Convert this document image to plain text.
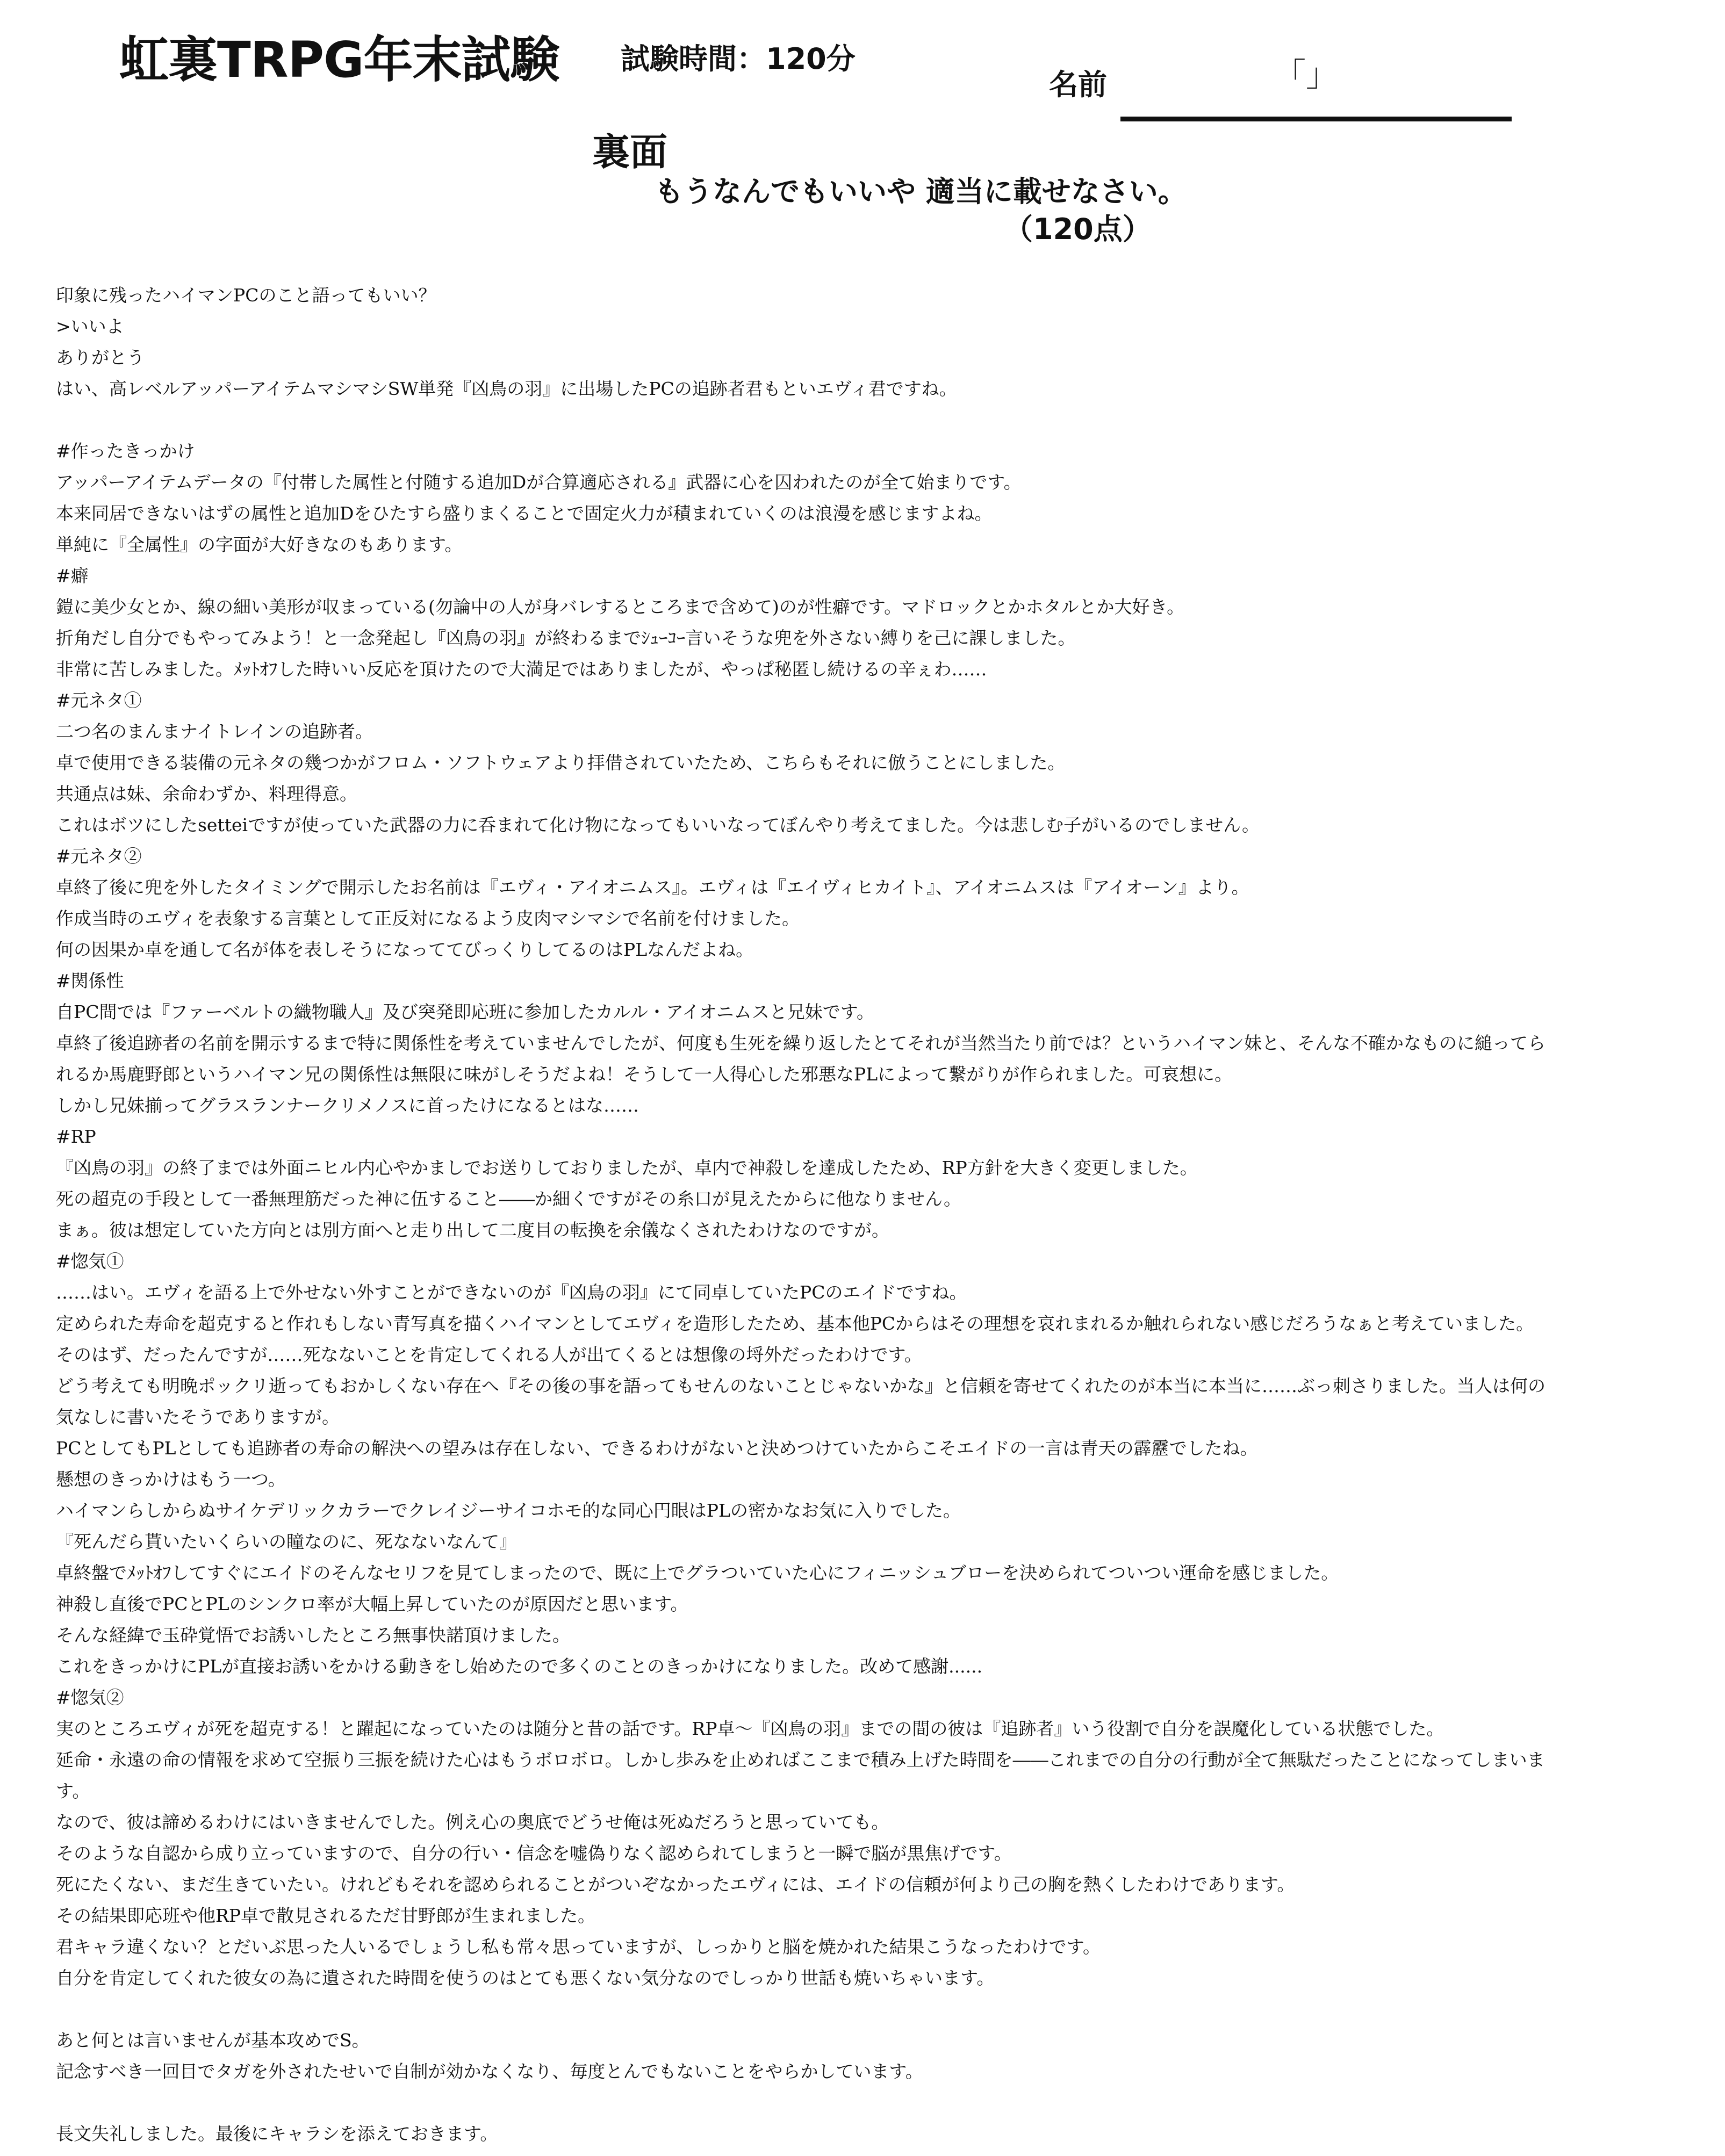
虹裏TRPG年末試験 試験時間：120分
名前	「」
裏面
もうなんでもいいや 適当に載せなさい。
（120点）
印象に残ったハイマンPCのこと語ってもいい？
>いいよ
ありがとう
はい、高レベルアッパーアイテムマシマシSW単発『凶鳥の羽』に出場したPCの追跡者君もといエヴィ君ですね。
#作ったきっかけ
アッパーアイテムデータの『付帯した属性と付随する追加Dが合算適応される』武器に心を囚われたのが全て始まりです。
本来同居できないはずの属性と追加Dをひたすら盛りまくることで固定火力が積まれていくのは浪漫を感じますよね。
単純に『全属性』の字面が大好きなのもあります。
#癖
鎧に美少女とか、線の細い美形が収まっている(勿論中の人が身バレするところまで含めて)のが性癖です。マドロックとかホタルとか大好き。
折角だし自分でもやってみよう！と一念発起し『凶鳥の羽』が終わるまでｼｭｰｺｰ言いそうな兜を外さない縛りを己に課しました。
非常に苦しみました。ﾒｯﾄｵﾌした時いい反応を頂けたので大満足ではありましたが、やっぱ秘匿し続けるの辛ぇわ……
#元ネタ①
二つ名のまんまナイトレインの追跡者。
卓で使用できる装備の元ネタの幾つかがフロム・ソフトウェアより拝借されていたため、こちらもそれに倣うことにしました。
共通点は妹、余命わずか、料理得意。
これはボツにしたsetteiですが使っていた武器の力に呑まれて化け物になってもいいなってぼんやり考えてました。今は悲しむ子がいるのでしません。
#元ネタ②
卓終了後に兜を外したタイミングで開示したお名前は『エヴィ・アイオニムス』。エヴィは『エイヴィヒカイト』、アイオニムスは『アイオーン』より。
作成当時のエヴィを表象する言葉として正反対になるよう皮肉マシマシで名前を付けました。
何の因果か卓を通して名が体を表しそうになっててびっくりしてるのはPLなんだよね。
#関係性
自PC間では『ファーベルトの織物職人』及び突発即応班に参加したカルル・アイオニムスと兄妹です。
卓終了後追跡者の名前を開示するまで特に関係性を考えていませんでしたが、何度も生死を繰り返したとてそれが当然当たり前では？というハイマン妹と、そんな不確かなものに縋ってら
れるか馬鹿野郎というハイマン兄の関係性は無限に味がしそうだよね！そうして一人得心した邪悪なPLによって繋がりが作られました。可哀想に。
しかし兄妹揃ってグラスランナークリメノスに首ったけになるとはな……
#RP
『凶鳥の羽』の終了までは外面ニヒル内心やかましでお送りしておりましたが、卓内で神殺しを達成したため、RP方針を大きく変更しました。
死の超克の手段として一番無理筋だった神に伍すること――か細くですがその糸口が見えたからに他なりません。
まぁ。彼は想定していた方向とは別方面へと走り出して二度目の転換を余儀なくされたわけなのですが。
#惚気①
……はい。エヴィを語る上で外せない外すことができないのが『凶鳥の羽』にて同卓していたPCのエイドですね。
定められた寿命を超克すると作れもしない青写真を描くハイマンとしてエヴィを造形したため、基本他PCからはその理想を哀れまれるか触れられない感じだろうなぁと考えていました。
そのはず、だったんですが……死なないことを肯定してくれる人が出てくるとは想像の埒外だったわけです。
どう考えても明晩ポックリ逝ってもおかしくない存在へ『その後の事を語ってもせんのないことじゃないかな』と信頼を寄せてくれたのが本当に本当に……ぶっ刺さりました。当人は何の
気なしに書いたそうでありますが。
PCとしてもPLとしても追跡者の寿命の解決への望みは存在しない、できるわけがないと決めつけていたからこそエイドの一言は青天の霹靂でしたね。
懸想のきっかけはもう一つ。
ハイマンらしからぬサイケデリックカラーでクレイジーサイコホモ的な同心円眼はPLの密かなお気に入りでした。
『死んだら貰いたいくらいの瞳なのに、死なないなんて』
卓終盤でﾒｯﾄｵﾌしてすぐにエイドのそんなセリフを見てしまったので、既に上でグラついていた心にフィニッシュブローを決められてついつい運命を感じました。
神殺し直後でPCとPLのシンクロ率が大幅上昇していたのが原因だと思います。
そんな経緯で玉砕覚悟でお誘いしたところ無事快諾頂けました。
これをきっかけにPLが直接お誘いをかける動きをし始めたので多くのことのきっかけになりました。改めて感謝......
#惚気②
実のところエヴィが死を超克する！と躍起になっていたのは随分と昔の話です。RP卓〜『凶鳥の羽』までの間の彼は『追跡者』いう役割で自分を誤魔化している状態でした。
延命・永遠の命の情報を求めて空振り三振を続けた心はもうボロボロ。しかし歩みを止めればここまで積み上げた時間を――これまでの自分の行動が全て無駄だったことになってしまいま
す。
なので、彼は諦めるわけにはいきませんでした。例え心の奥底でどうせ俺は死ぬだろうと思っていても。
そのような自認から成り立っていますので、自分の行い・信念を嘘偽りなく認められてしまうと一瞬で脳が黒焦げです。
死にたくない、まだ生きていたい。けれどもそれを認められることがついぞなかったエヴィには、エイドの信頼が何より己の胸を熱くしたわけであります。
その結果即応班や他RP卓で散見されるただ甘野郎が生まれました。
君キャラ違くない？とだいぶ思った人いるでしょうし私も常々思っていますが、しっかりと脳を焼かれた結果こうなったわけです。
自分を肯定してくれた彼女の為に遺された時間を使うのはとても悪くない気分なのでしっかり世話も焼いちゃいます。
あと何とは言いませんが基本攻めでS。
記念すべき一回目でタガを外されたせいで自制が効かなくなり、毎度とんでもないことをやらかしています。
長文失礼しました。最後にキャラシを添えておきます。
